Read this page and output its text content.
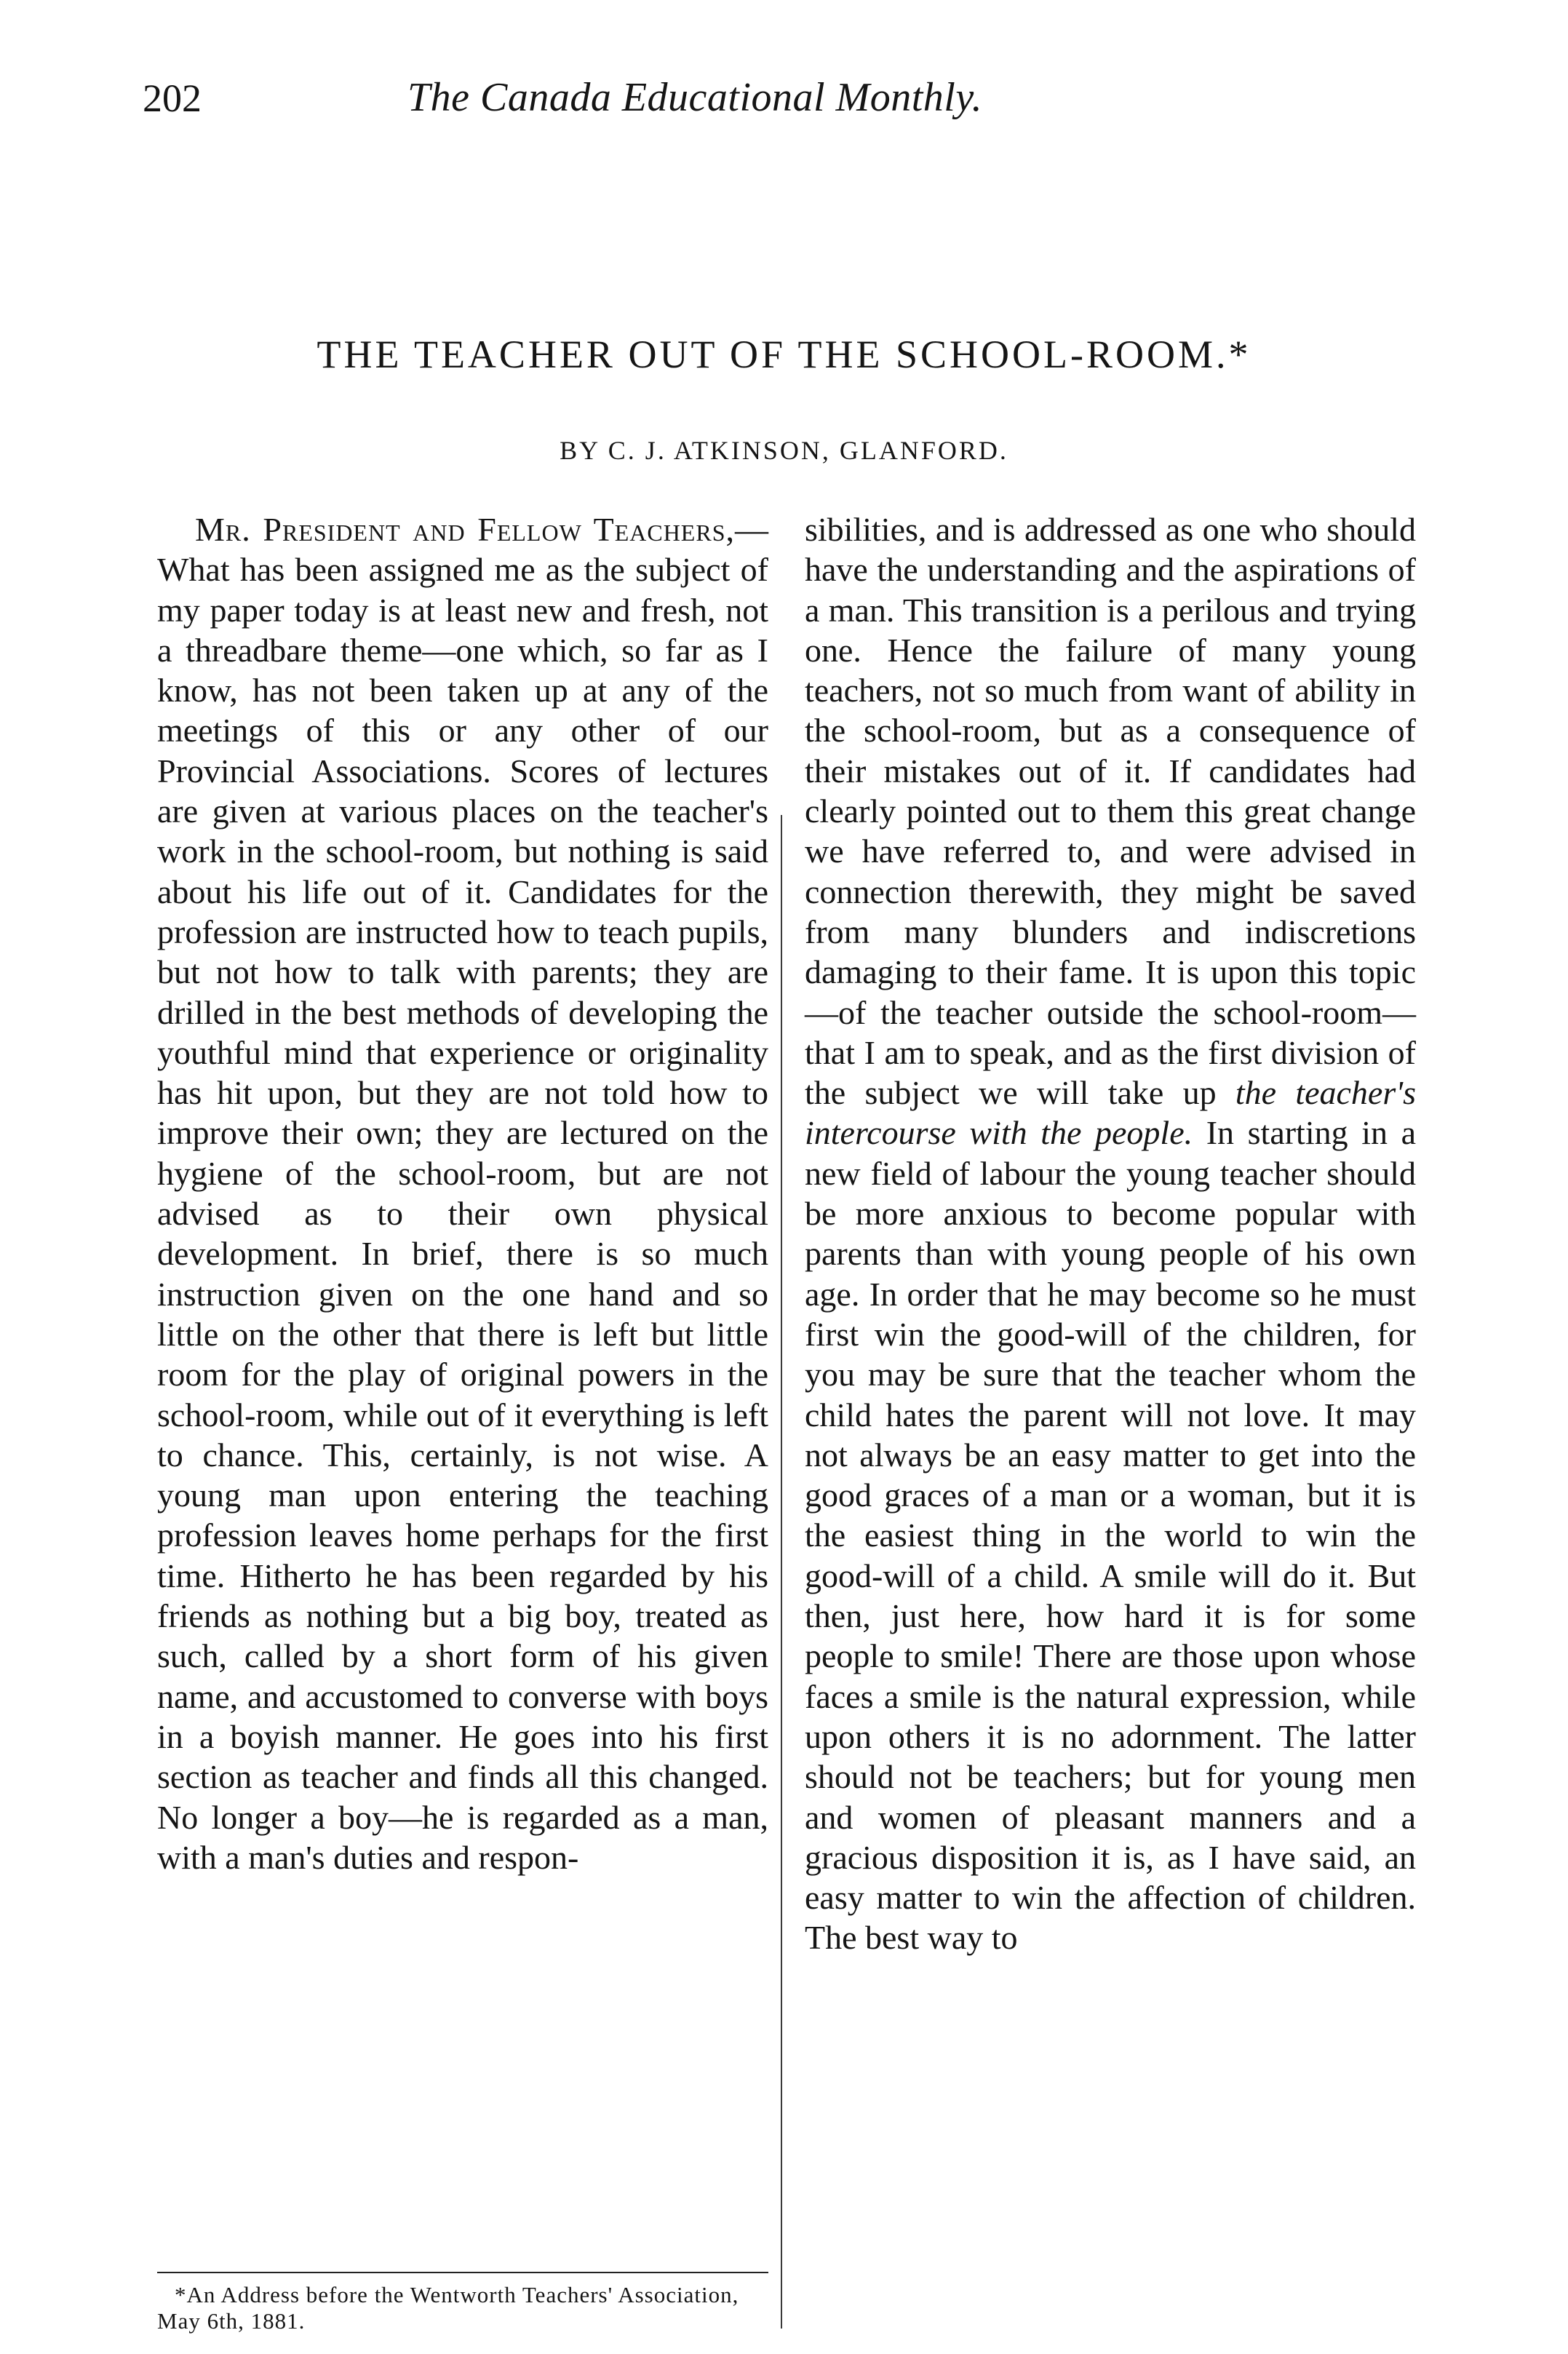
202	The Canada Educational Monthly.
THE TEACHER OUT OF THE SCHOOL-ROOM.*
BY C. J. ATKINSON, GLANFORD.

Mr. President and Fellow Teachers,—What has been assigned me as the subject of my paper today is at least new and fresh, not a threadbare theme—one which, so far as I know, has not been taken up at any of the meetings of this or any other of our Provincial Associations. Scores of lectures are given at various places on the teacher's work in the school-room, but nothing is said about his life out of it. Candidates for the profession are instructed how to teach pupils, but not how to talk with parents; they are drilled in the best methods of developing the youthful mind that experience or originality has hit upon, but they are not told how to improve their own; they are lectured on the hygiene of the school-room, but are not advised as to their own physical development. In brief, there is so much instruction given on the one hand and so little on the other that there is left but little room for the play of original powers in the school-room, while out of it everything is left to chance. This, certainly, is not wise. A young man upon entering the teaching profession leaves home perhaps for the first time. Hitherto he has been regarded by his friends as nothing but a big boy, treated as such, called by a short form of his given name, and accustomed to converse with boys in a boyish manner. He goes into his first section as teacher and finds all this changed. No longer a boy—he is regarded as a man, with a man's duties and respon-

sibilities, and is addressed as one who should have the understanding and the aspirations of a man. This transition is a perilous and trying one. Hence the failure of many young teachers, not so much from want of ability in the school-room, but as a consequence of their mistakes out of it. If candidates had clearly pointed out to them this great change we have referred to, and were advised in connection therewith, they might be saved from many blunders and indiscretions damaging to their fame. It is upon this topic—of the teacher outside the school-room—that I am to speak, and as the first division of the subject we will take up the teacher's intercourse with the people. In starting in a new field of labour the young teacher should be more anxious to become popular with parents than with young people of his own age. In order that he may become so he must first win the good-will of the children, for you may be sure that the teacher whom the child hates the parent will not love. It may not always be an easy matter to get into the good graces of a man or a woman, but it is the easiest thing in the world to win the good-will of a child. A smile will do it. But then, just here, how hard it is for some people to smile! There are those upon whose faces a smile is the natural expression, while upon others it is no adornment. The latter should not be teachers; but for young men and women of pleasant manners and a gracious disposition it is, as I have said, an easy matter to win the affection of children. The best way to

*An Address before the Wentworth Teachers' Association, May 6th, 1881.
